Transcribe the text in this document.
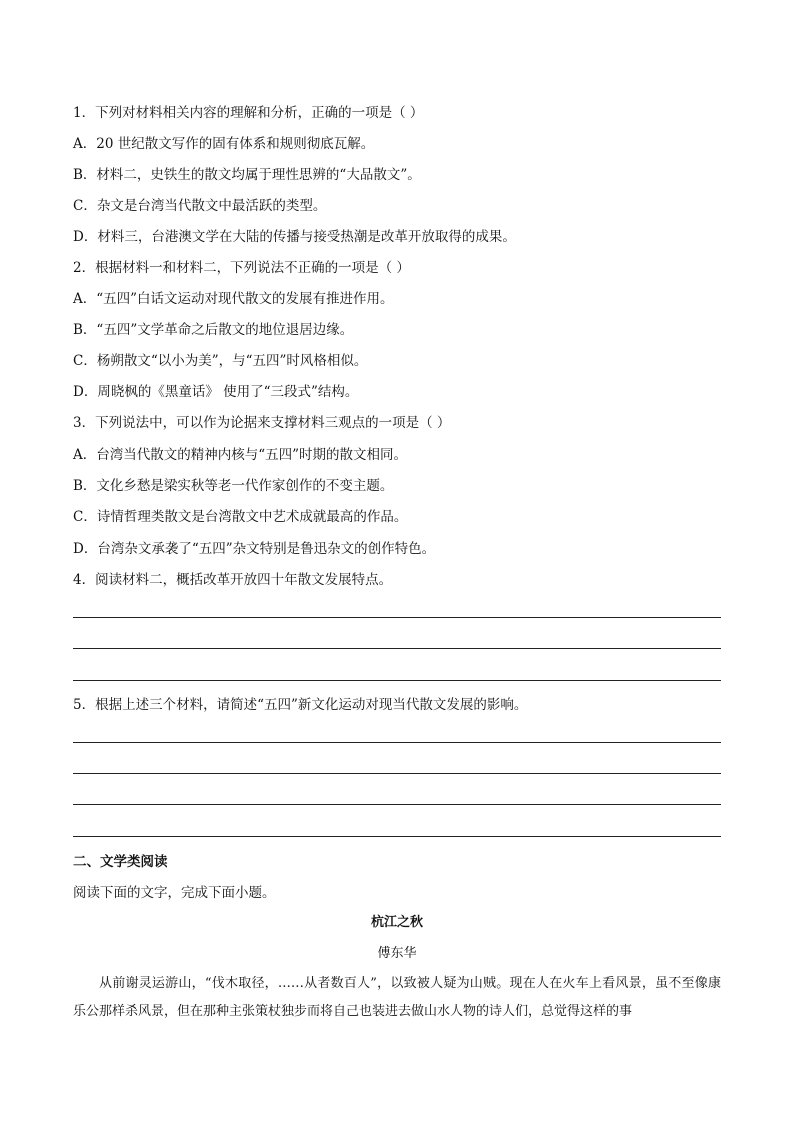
1．下列对材料相关内容的理解和分析，正确的一项是（ ）
A．20 世纪散文写作的固有体系和规则彻底瓦解。
B．材料二，史铁生的散文均属于理性思辨的“大品散文”。
C．杂文是台湾当代散文中最活跃的类型。
D．材料三，台港澳文学在大陆的传播与接受热潮是改革开放取得的成果。
2．根据材料一和材料二，下列说法不正确的一项是（ ）
A．“五四”白话文运动对现代散文的发展有推进作用。
B．“五四”文学革命之后散文的地位退居边缘。
C．杨朔散文“以小为美”，与“五四”时风格相似。
D．周晓枫的《黑童话》 使用了“三段式”结构。
3．下列说法中，可以作为论据来支撑材料三观点的一项是（ ）
A．台湾当代散文的精神内核与“五四”时期的散文相同。
B．文化乡愁是梁实秋等老一代作家创作的不变主题。
C．诗情哲理类散文是台湾散文中艺术成就最高的作品。
D．台湾杂文承袭了“五四”杂文特别是鲁迅杂文的创作特色。
4．阅读材料二，概括改革开放四十年散文发展特点。
5．根据上述三个材料，请简述“五四”新文化运动对现当代散文发展的影响。
二、文学类阅读
阅读下面的文字，完成下面小题。
杭江之秋
傅东华
从前谢灵运游山，“伐木取径，……从者数百人”，以致被人疑为山贼。现在人在火车上看风景，虽不至像康乐公那样杀风景，但在那种主张策杖独步而将自己也装进去做山水人物的诗人们，总觉得这样的事
